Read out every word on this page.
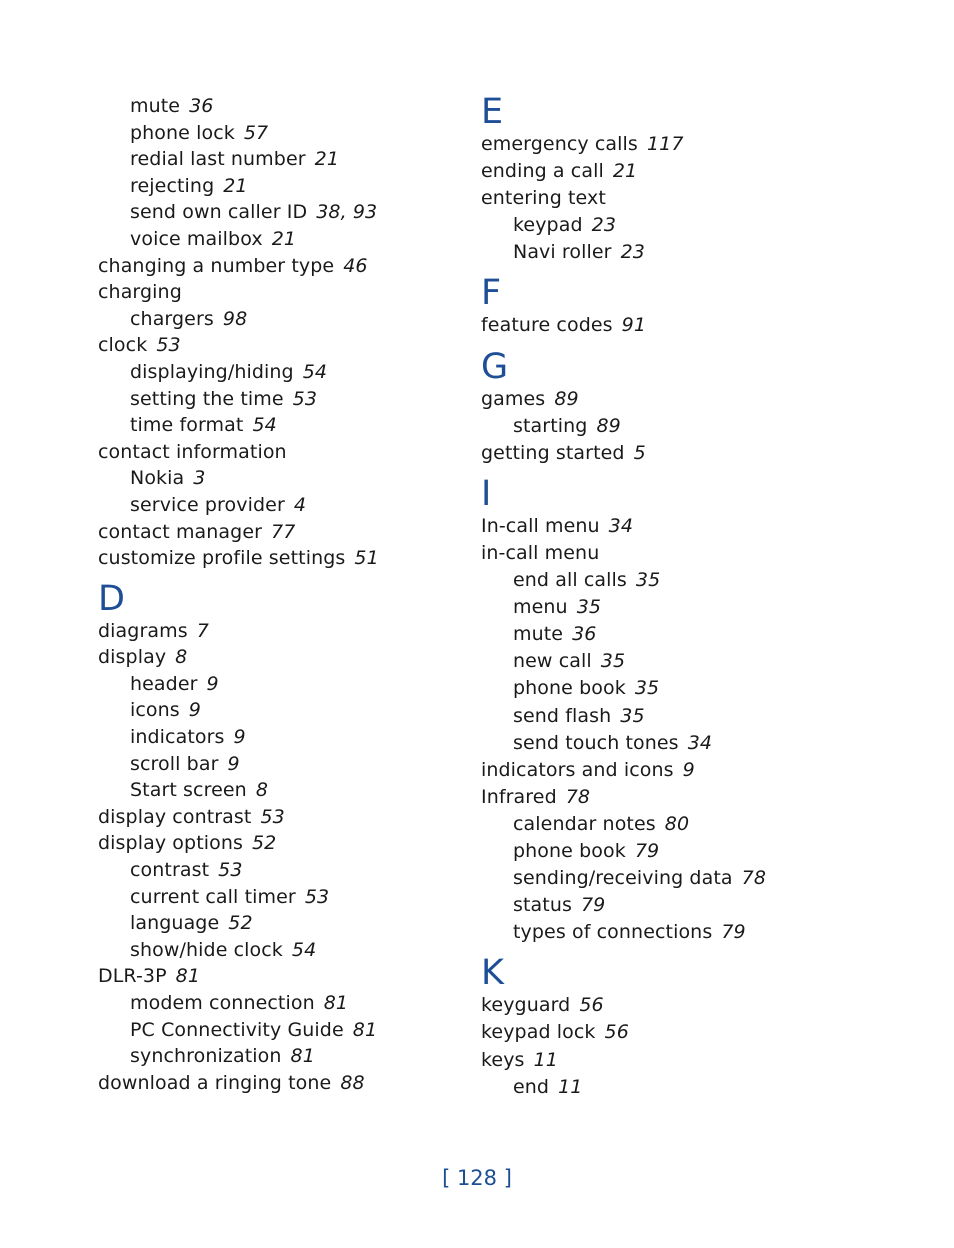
mute 36
phone lock 57
redial last number 21
rejecting 21
send own caller ID 38, 93
voice mailbox 21
changing a number type 46
charging
chargers 98
clock 53
displaying/hiding 54
setting the time 53
time format 54
contact information
Nokia 3
service provider 4
contact manager 77
customize profile settings 51
D
diagrams 7
display 8
header 9
icons 9
indicators 9
scroll bar 9
Start screen 8
display contrast 53
display options 52
contrast 53
current call timer 53
language 52
show/hide clock 54
DLR-3P 81
modem connection 81
PC Connectivity Guide 81
synchronization 81
download a ringing tone 88
E
emergency calls 117
ending a call 21
entering text
keypad 23
Navi roller 23
F
feature codes 91
G
games 89
starting 89
getting started 5
I
In-call menu 34
in-call menu
end all calls 35
menu 35
mute 36
new call 35
phone book 35
send flash 35
send touch tones 34
indicators and icons 9
Infrared 78
calendar notes 80
phone book 79
sending/receiving data 78
status 79
types of connections 79
K
keyguard 56
keypad lock 56
keys 11
end 11
[ 128 ]
